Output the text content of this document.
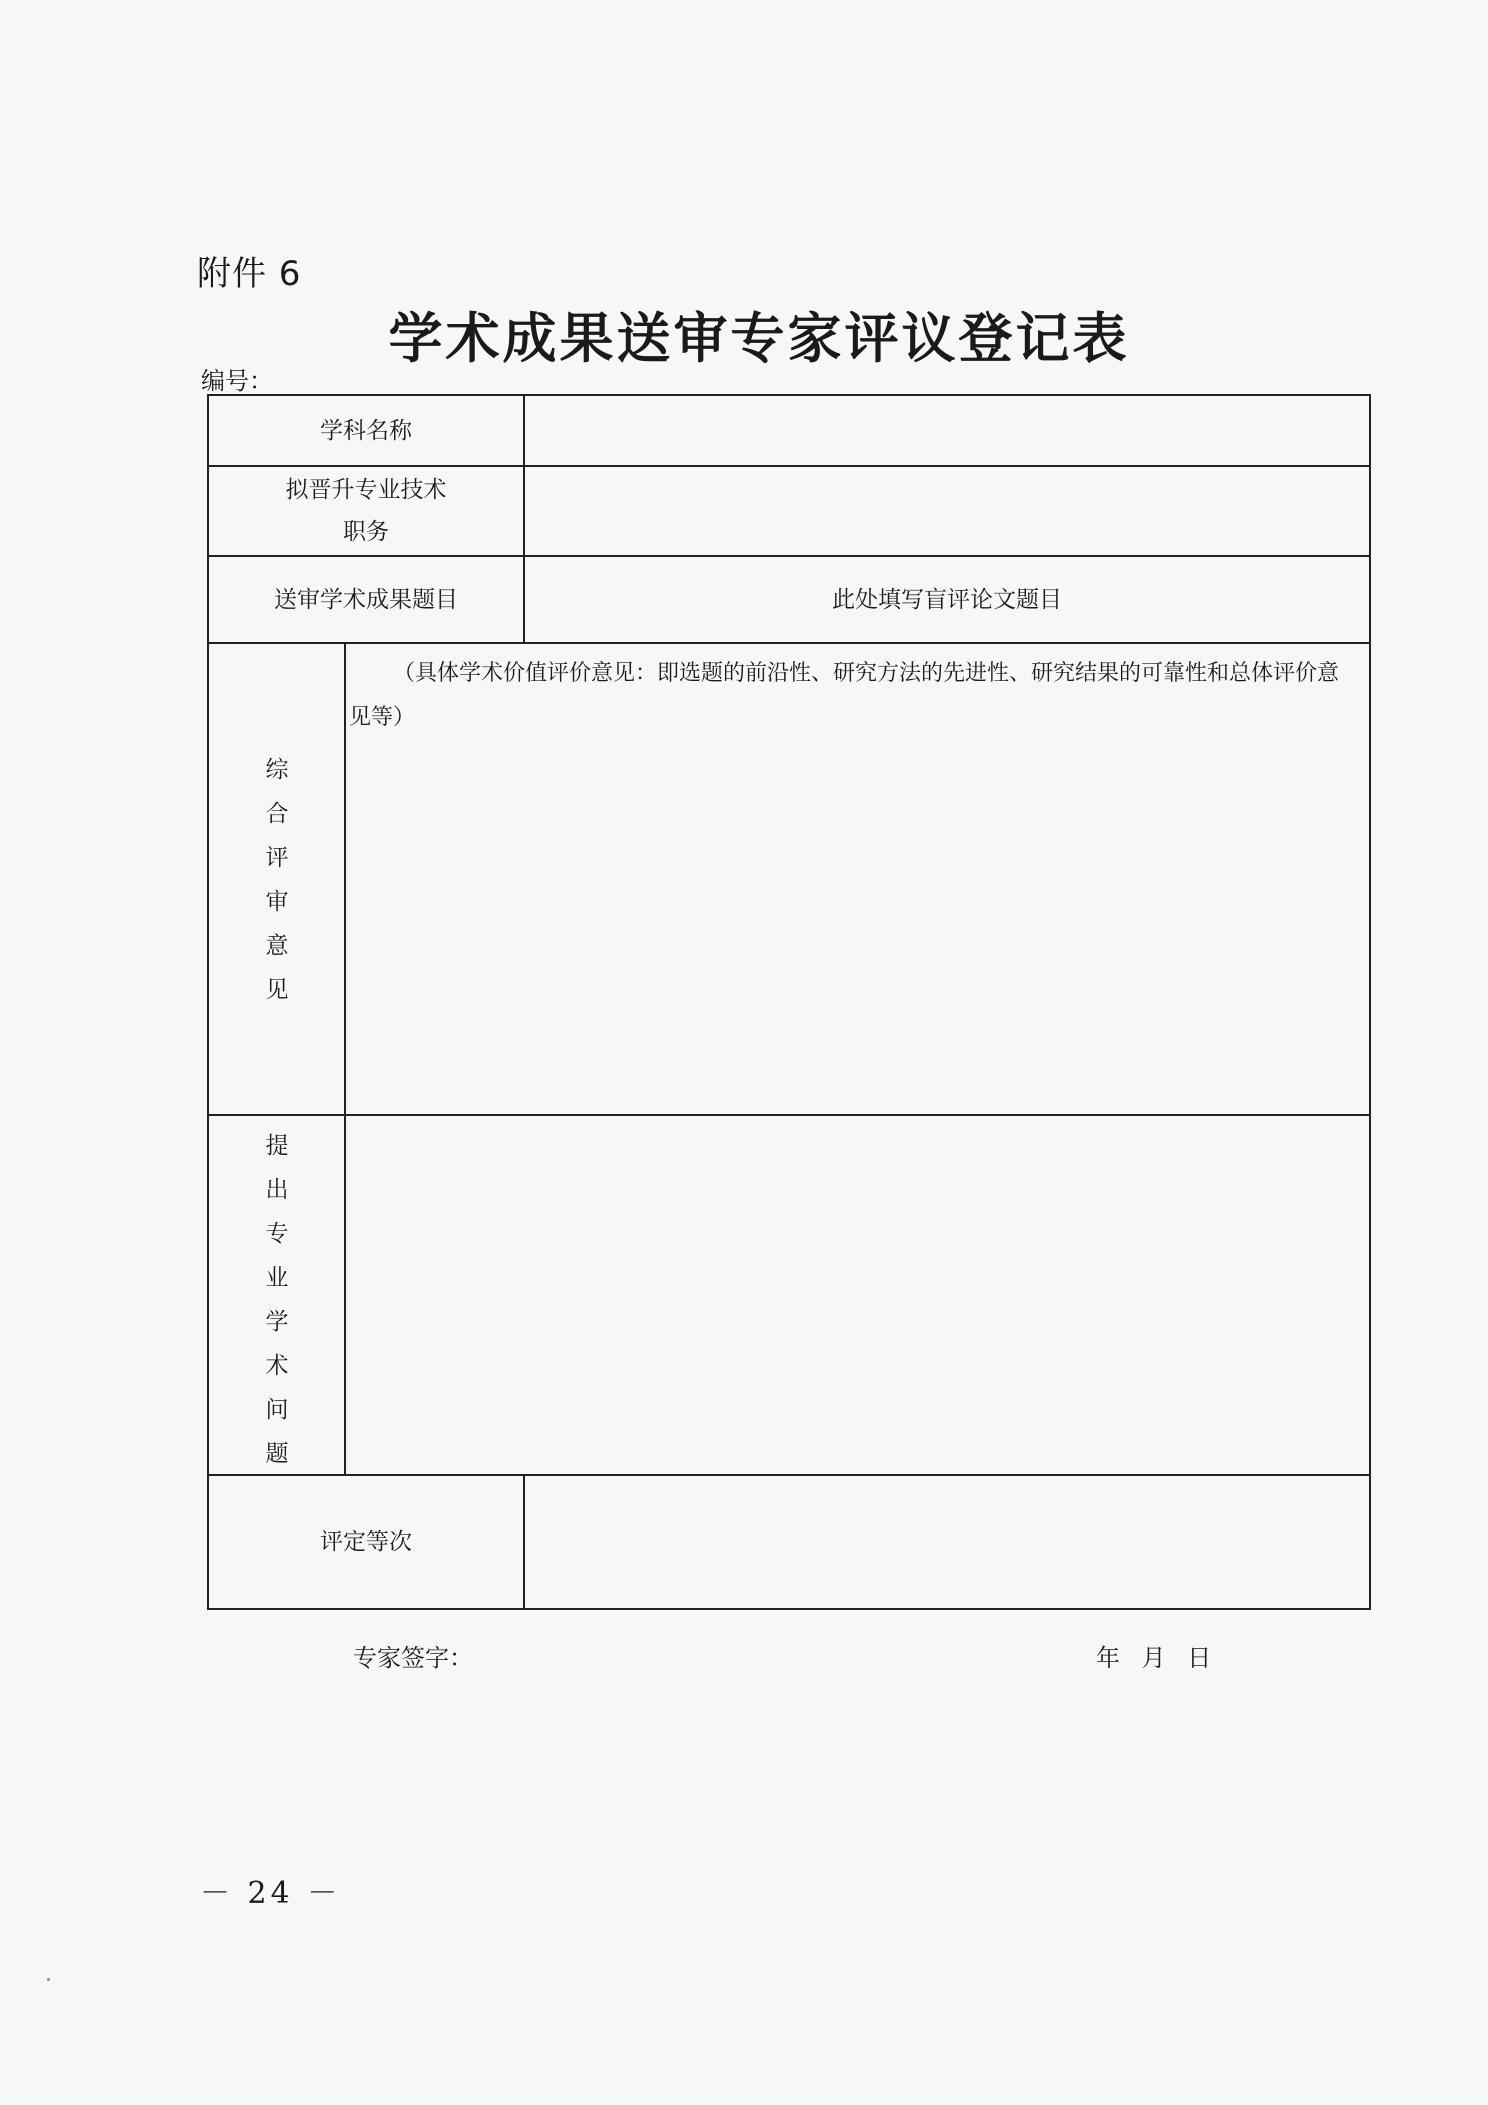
附件 6
学术成果送审专家评议登记表
编号：
学科名称
拟晋升专业技术
职务
送审学术成果题目	此处填写盲评论文题目
综
合
评
审
意
见
（具体学术价值评价意见：即选题的前沿性、研究方法的先进性、研究结果的可靠性和总体评价意见等）
提
出
专
业
学
术
问
题
评定等次
专家签字：	年 月 日
－ 24 －
